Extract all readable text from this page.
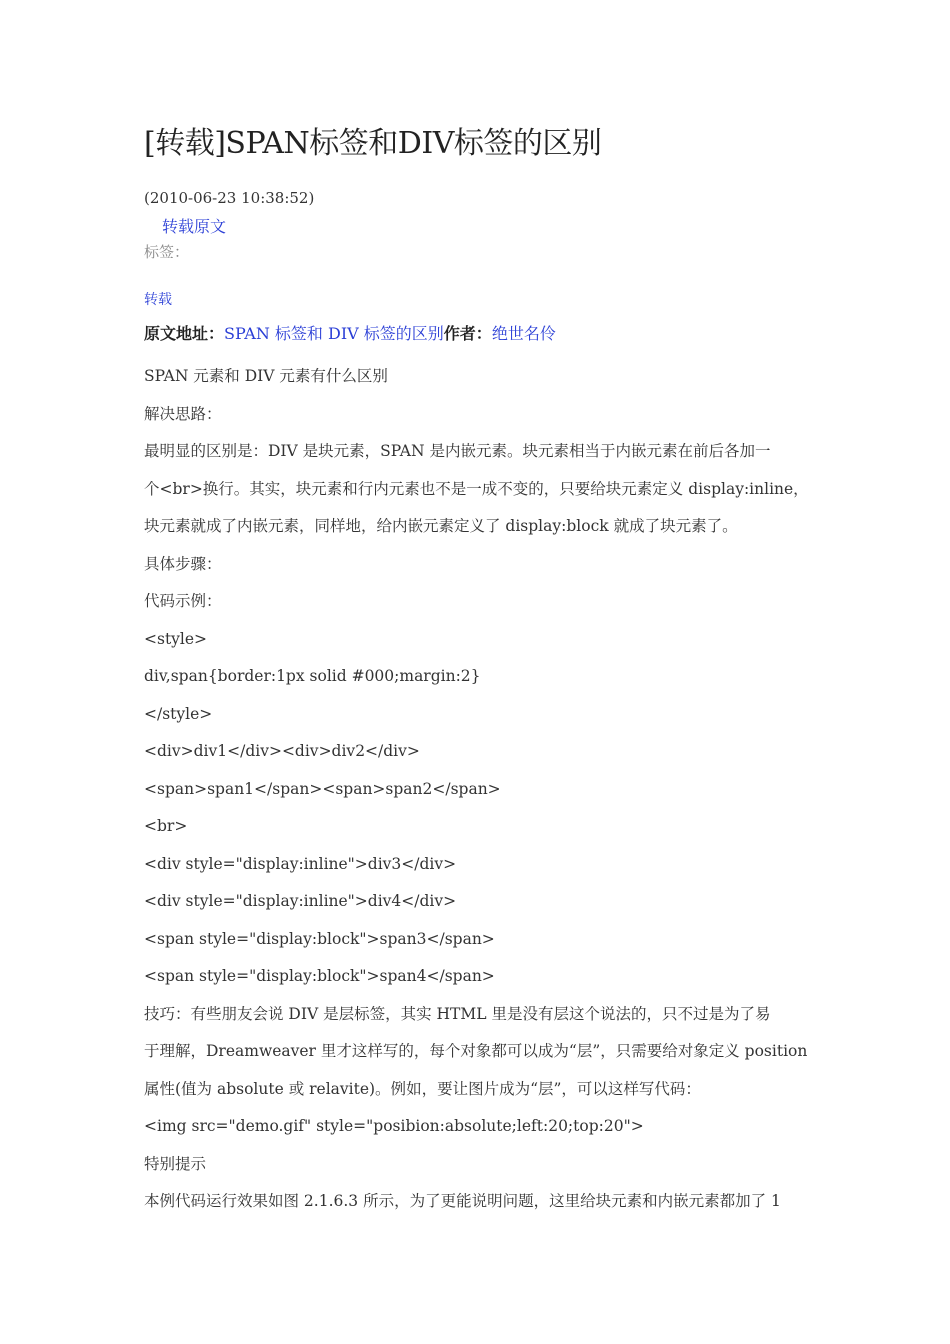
[转载]SPAN标签和DIV标签的区别
(2010-06-23 10:38:52)
转载原文
标签：
转载
原文地址：SPAN 标签和 DIV 标签的区别作者：绝世名伶

SPAN 元素和 DIV 元素有什么区别

解决思路：

最明显的区别是：DIV 是块元素，SPAN 是内嵌元素。块元素相当于内嵌元素在前后各加一

个<br>换行。其实，块元素和行内元素也不是一成不变的，只要给块元素定义 display:inline，

块元素就成了内嵌元素，同样地，给内嵌元素定义了 display:block 就成了块元素了。

具体步骤：

代码示例：

<style>

div,span{border:1px solid #000;margin:2}

</style>

<div>div1</div><div>div2</div>

<span>span1</span><span>span2</span>

<br>

<div style="display:inline">div3</div>

<div style="display:inline">div4</div>

<span style="display:block">span3</span>

<span style="display:block">span4</span>

技巧：有些朋友会说 DIV 是层标签，其实 HTML 里是没有层这个说法的，只不过是为了易

于理解，Dreamweaver 里才这样写的，每个对象都可以成为“层”，只需要给对象定义 position

属性(值为 absolute 或 relavite)。例如，要让图片成为“层”，可以这样写代码：

<img src="demo.gif" style="posibion:absolute;left:20;top:20">

特别提示

本例代码运行效果如图 2.1.6.3 所示，为了更能说明问题，这里给块元素和内嵌元素都加了 1
